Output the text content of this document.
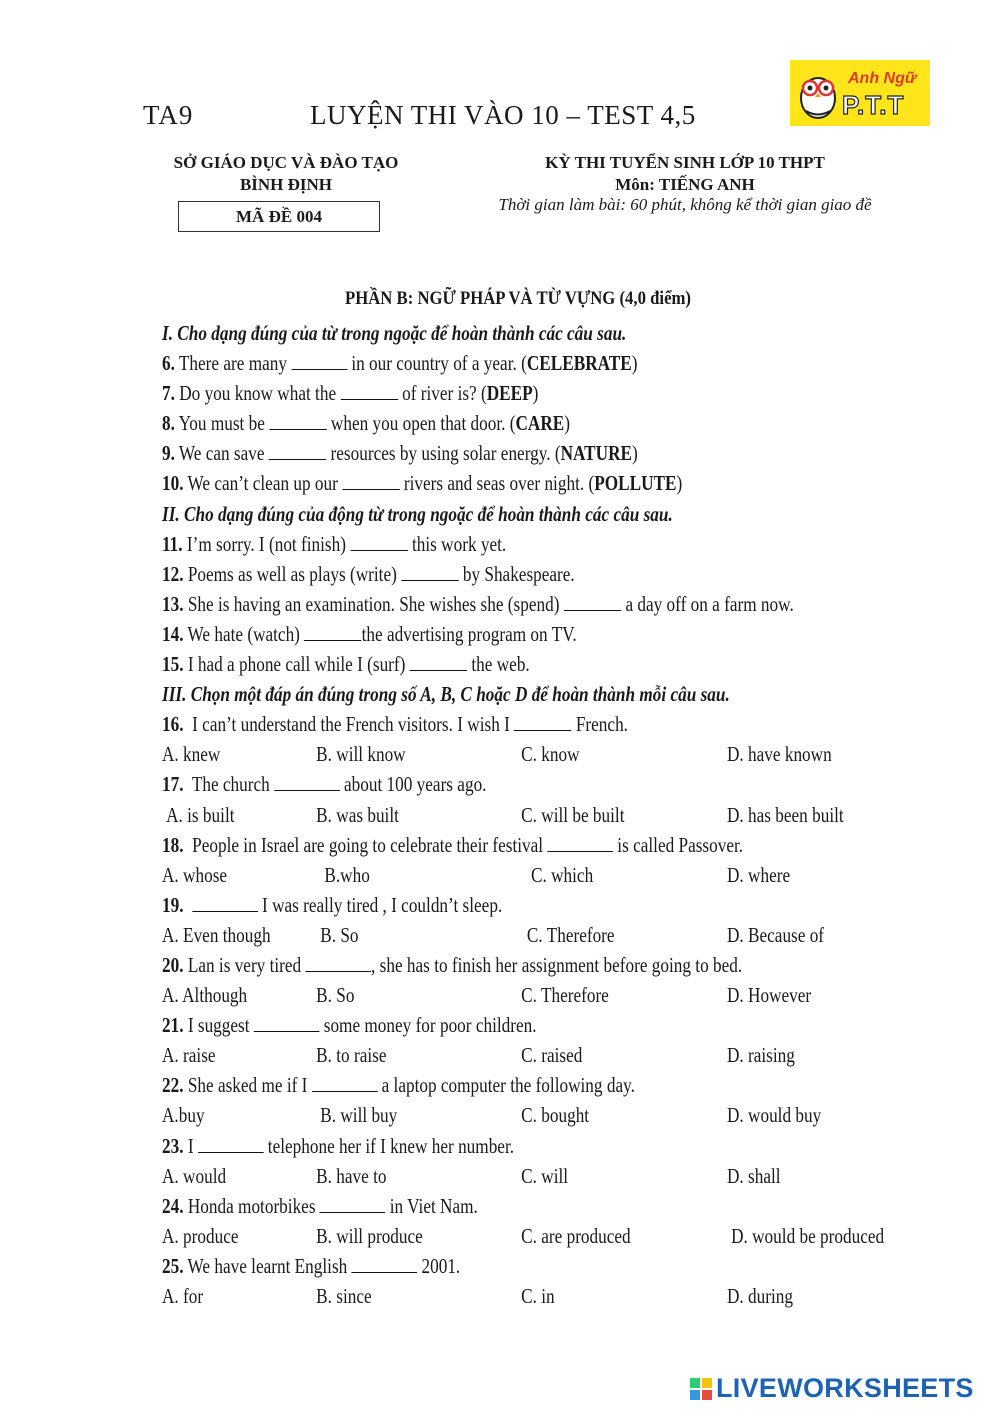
TA9	LUYỆN THI VÀO 10 – TEST 4,5
Anh Ngữ
P.T.T
SỞ GIÁO DỤC VÀ ĐÀO TẠO
BÌNH ĐỊNH
MÃ ĐỀ 004
KỲ THI TUYỂN SINH LỚP 10 THPT
Môn: TIẾNG ANH
Thời gian làm bài: 60 phút, không kể thời gian giao đề
PHẦN B: NGỮ PHÁP VÀ TỪ VỰNG (4,0 điểm)
I. Cho dạng đúng của từ trong ngoặc để hoàn thành các câu sau.
6. There are many	in our country of a year. (CELEBRATE)
7. Do you know what the	of river is? (DEEP)
8. You must be	when you open that door. (CARE)
9. We can save	resources by using solar energy. (NATURE)
10. We can’t clean up our	rivers and seas over night. (POLLUTE)
II. Cho dạng đúng của động từ trong ngoặc để hoàn thành các câu sau.
11. I’m sorry. I (not finish)	this work yet.
12. Poems as well as plays (write)	by Shakespeare.
13. She is having an examination. She wishes she (spend)	a day off on a farm now.
14. We hate (watch)	the advertising program on TV.
15. I had a phone call while I (surf)	the web.
III. Chọn một đáp án đúng trong số A, B, C hoặc D để hoàn thành mỗi câu sau.
16. I can’t understand the French visitors. I wish I	French.
A. knew	B. will know	C. know	D. have known
17. The church	about 100 years ago.
A. is built	B. was built	C. will be built	D. has been built
18. People in Israel are going to celebrate their festival	is called Passover.
A. whose	B.who	C. which	D. where
19.	I was really tired , I couldn’t sleep.
A. Even though B. So	C. Therefore	D. Because of
20. Lan is very tired	, she has to finish her assignment before going to bed.
A. Although	B. So	C. Therefore	D. However
21. I suggest	some money for poor children.
A. raise	B. to raise	C. raised	D. raising
22. She asked me if I	a laptop computer the following day.
A.buy	B. will buy	C. bought	D. would buy
23. I	telephone her if I knew her number.
A. would	B. have to	C. will	D. shall
24. Honda motorbikes	in Viet Nam.
A. produce	B. will produce	C. are produced	D. would be produced
25. We have learnt English	2001.
A. for	B. since	C. in	D. during
LIVEWORKSHEETS
